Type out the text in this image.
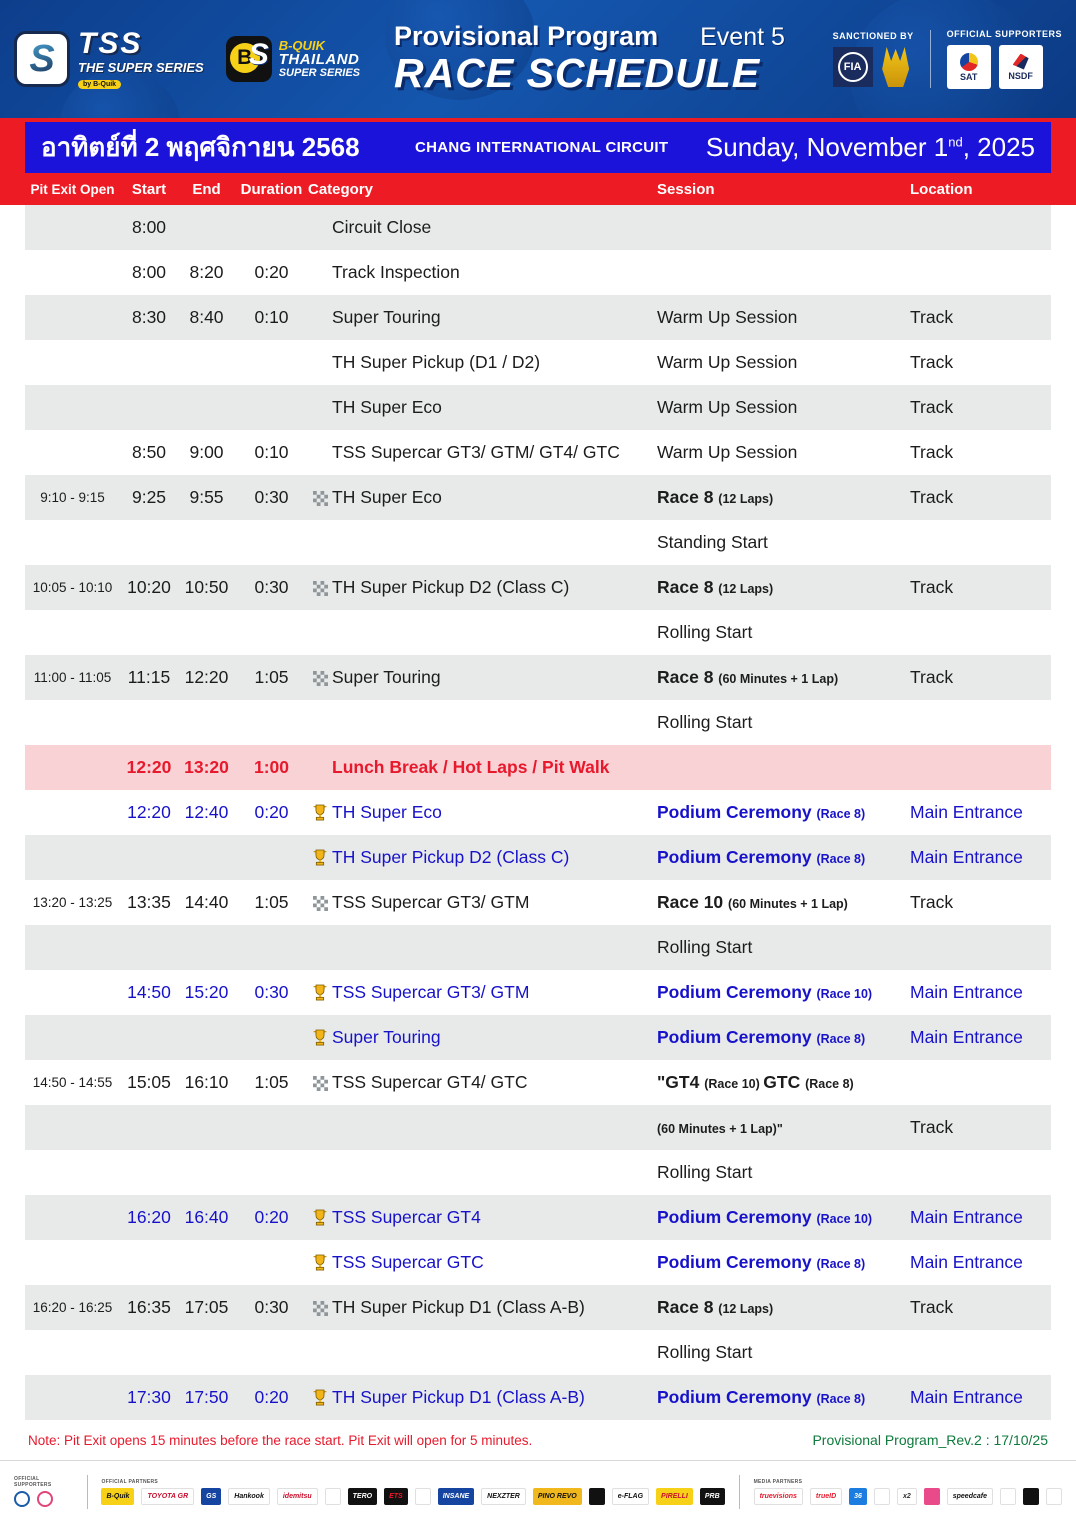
S TSS
THE SUPER SERIES
by B-Quik
B
S B-QUIK
THAILAND
SUPER SERIES
Provisional Program Event 5
RACE SCHEDULE
SANCTIONED BY
FIA
OFFICIAL SUPPORTERS
SAT	NSDF
อาทิตย์ที่ 2 พฤศจิกายน 2568	CHANG INTERNATIONAL CIRCUIT Sunday, November 1nd, 2025
Pit Exit Open	Start	End	Duration Category	Session	Location
8:00	Circuit Close
8:00	8:20	0:20	Track Inspection
8:30	8:40	0:10	Super Touring	Warm Up Session	Track
TH Super Pickup (D1 / D2)	Warm Up Session	Track
TH Super Eco	Warm Up Session	Track
8:50	9:00	0:10	TSS Supercar GT3/ GTM/ GT4/ GTC	Warm Up Session	Track
9:10 - 9:15	9:25	9:55	0:30	TH Super Eco	Race 8 (12 Laps)	Track
Standing Start
10:05 - 10:10 10:20 10:50	0:30	TH Super Pickup D2 (Class C)	Race 8 (12 Laps)	Track
Rolling Start
11:00 - 11:05 11:15 12:20	1:05	Super Touring	Race 8 (60 Minutes + 1 Lap)	Track
Rolling Start
12:20 13:20	1:00	Lunch Break / Hot Laps / Pit Walk
12:20 12:40	0:20	TH Super Eco	Podium Ceremony (Race 8)	Main Entrance
TH Super Pickup D2 (Class C)	Podium Ceremony (Race 8)	Main Entrance
13:20 - 13:25 13:35 14:40	1:05	TSS Supercar GT3/ GTM	Race 10 (60 Minutes + 1 Lap)	Track
Rolling Start
14:50 15:20	0:30	TSS Supercar GT3/ GTM	Podium Ceremony (Race 10)	Main Entrance
Super Touring	Podium Ceremony (Race 8)	Main Entrance
14:50 - 14:55 15:05 16:10	1:05	TSS Supercar GT4/ GTC	"GT4 (Race 10) GTC (Race 8)
(60 Minutes + 1 Lap)"	Track
Rolling Start
16:20 16:40	0:20	TSS Supercar GT4	Podium Ceremony (Race 10)	Main Entrance
TSS Supercar GTC	Podium Ceremony (Race 8)	Main Entrance
16:20 - 16:25 16:35 17:05	0:30	TH Super Pickup D1 (Class A-B)	Race 8 (12 Laps)	Track
Rolling Start
17:30 17:50	0:20	TH Super Pickup D1 (Class A-B)	Podium Ceremony (Race 8)	Main Entrance
Note: Pit Exit opens 15 minutes before the race start. Pit Exit will open for 5 minutes.	Provisional Program_Rev.2 : 17/10/25
OFFICIAL SUPPORTERS
OFFICIAL PARTNERS
B-Quik	TOYOTA GR	GS	Hankook	idemitsu	TERO	ETS	INSANE	NEXZTER	PINO REVO	e-FLAG	PIRELLI	PRB
MEDIA PARTNERS
truevisions	trueID	36	x2	speedcafe
